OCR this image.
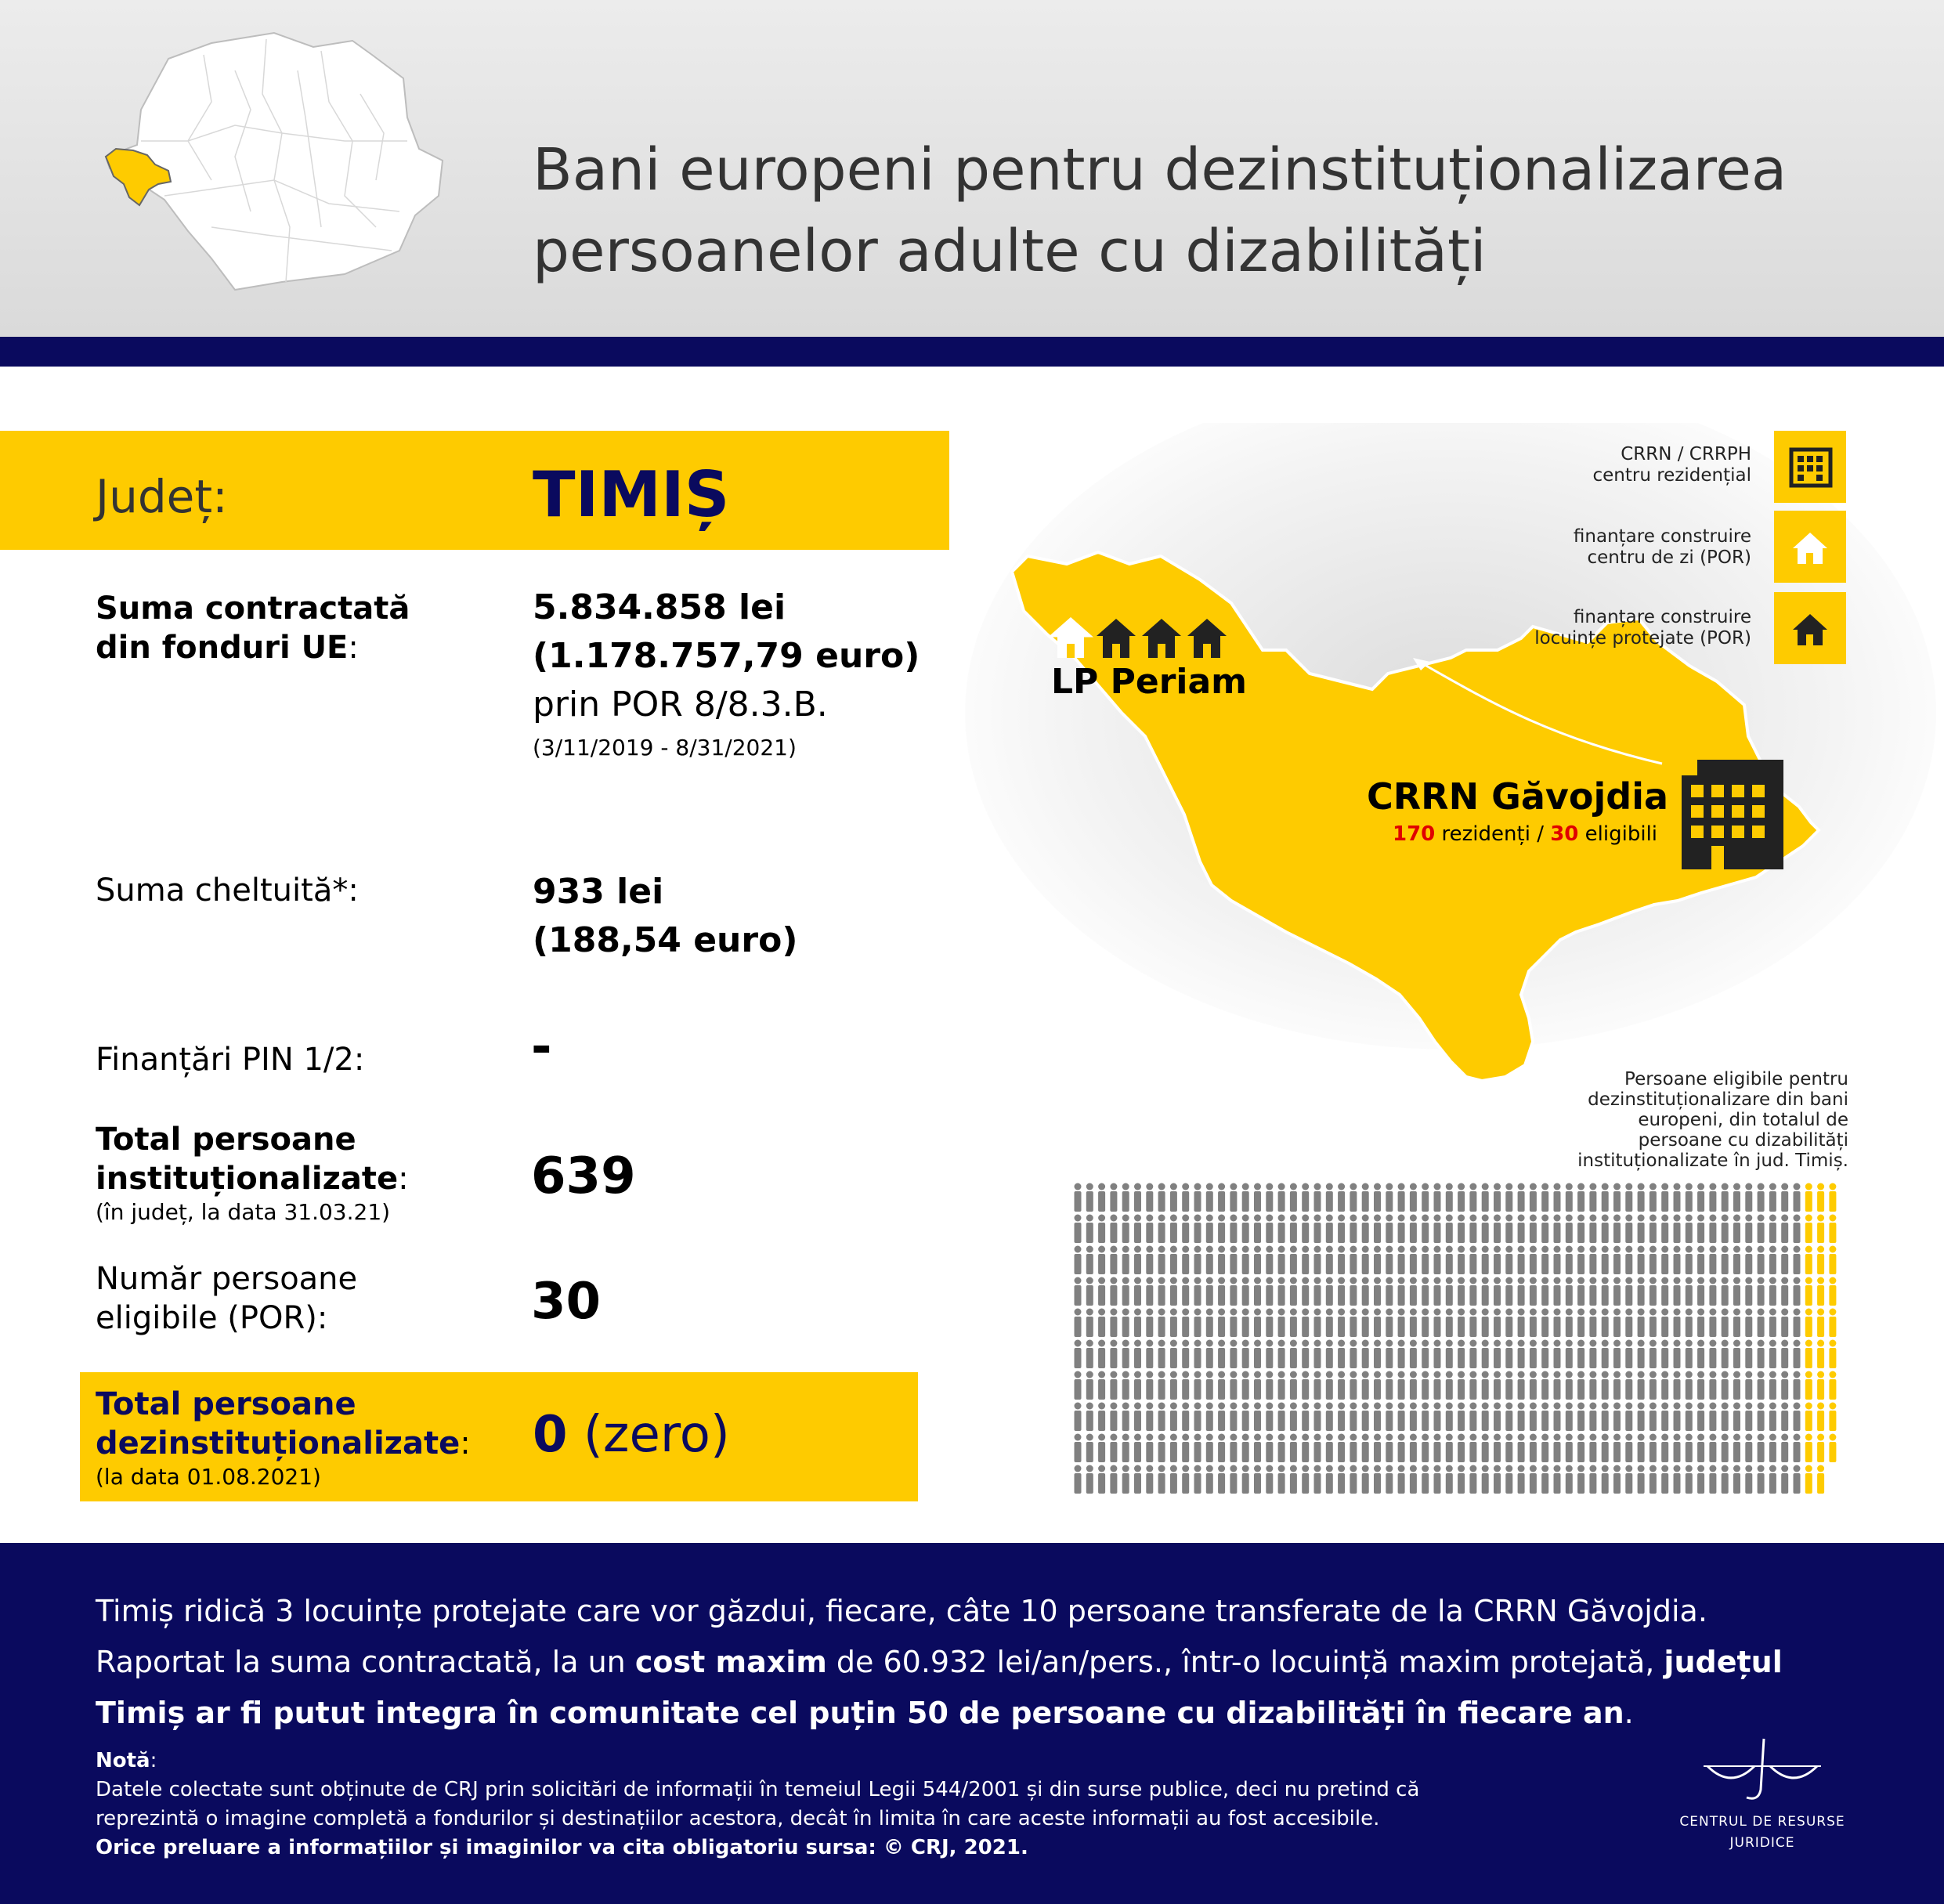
Bani europeni pentru dezinstituționalizarea
persoanelor adulte cu dizabilități
Județ:	TIMIȘ
Suma contractată
din fonduri UE:
5.834.858 lei
(1.178.757,79 euro)
prin POR 8/8.3.B.
(3/11/2019 - 8/31/2021)
Suma cheltuită*:	933 lei
(188,54 euro)
Finanțări PIN 1/2:	-
Total persoane
instituționalizate:
(în județ, la data 31.03.21)
639
Număr persoane
eligibile (POR):	30
Total persoane
dezinstituționalizate:
(la data 01.08.2021)
0 (zero)
LP Periam
CRRN Găvojdia
170 rezidenți / 30 eligibili
CRRN / CRRPH
centru rezidențial
finanțare construire
centru de zi (POR)
finanțare construire
locuințe protejate (POR)
Persoane eligibile pentru
dezinstituționalizare din bani
europeni, din totalul de
persoane cu dizabilități
instituționalizate în jud. Timiș.
Timiș ridică 3 locuințe protejate care vor găzdui, fiecare, câte 10 persoane transferate de la CRRN Găvojdia.
Raportat la suma contractată, la un cost maxim de 60.932 lei/an/pers., într-o locuință maxim protejată, județul
Timiș ar fi putut integra în comunitate cel puțin 50 de persoane cu dizabilități în fiecare an.
Notă:
Datele colectate sunt obținute de CRJ prin solicitări de informații în temeiul Legii 544/2001 și din surse publice, deci nu pretind că
reprezintă o imagine completă a fondurilor și destinațiilor acestora, decât în limita în care aceste informații au fost accesibile.
Orice preluare a informațiilor și imaginilor va cita obligatoriu sursa: © CRJ, 2021.
CENTRUL DE RESURSE
JURIDICE
